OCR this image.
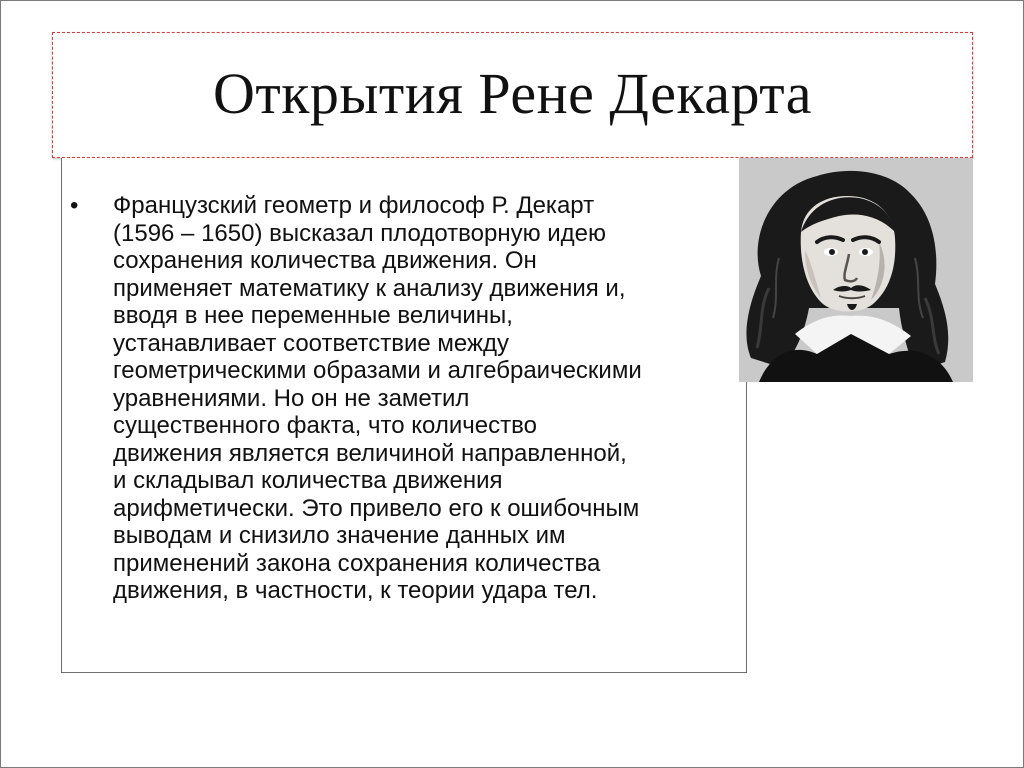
Открытия Рене Декарта
•	Французский геометр и философ Р. Декарт
(1596 – 1650) высказал плодотворную идею
сохранения количества движения. Он
применяет математику к анализу движения и,
вводя в нее переменные величины,
устанавливает соответствие между
геометрическими образами и алгебраическими
уравнениями. Но он не заметил
существенного факта, что количество
движения является величиной направленной,
и складывал количества движения
арифметически. Это привело его к ошибочным
выводам и снизило значение данных им
применений закона сохранения количества
движения, в частности, к теории удара тел.
